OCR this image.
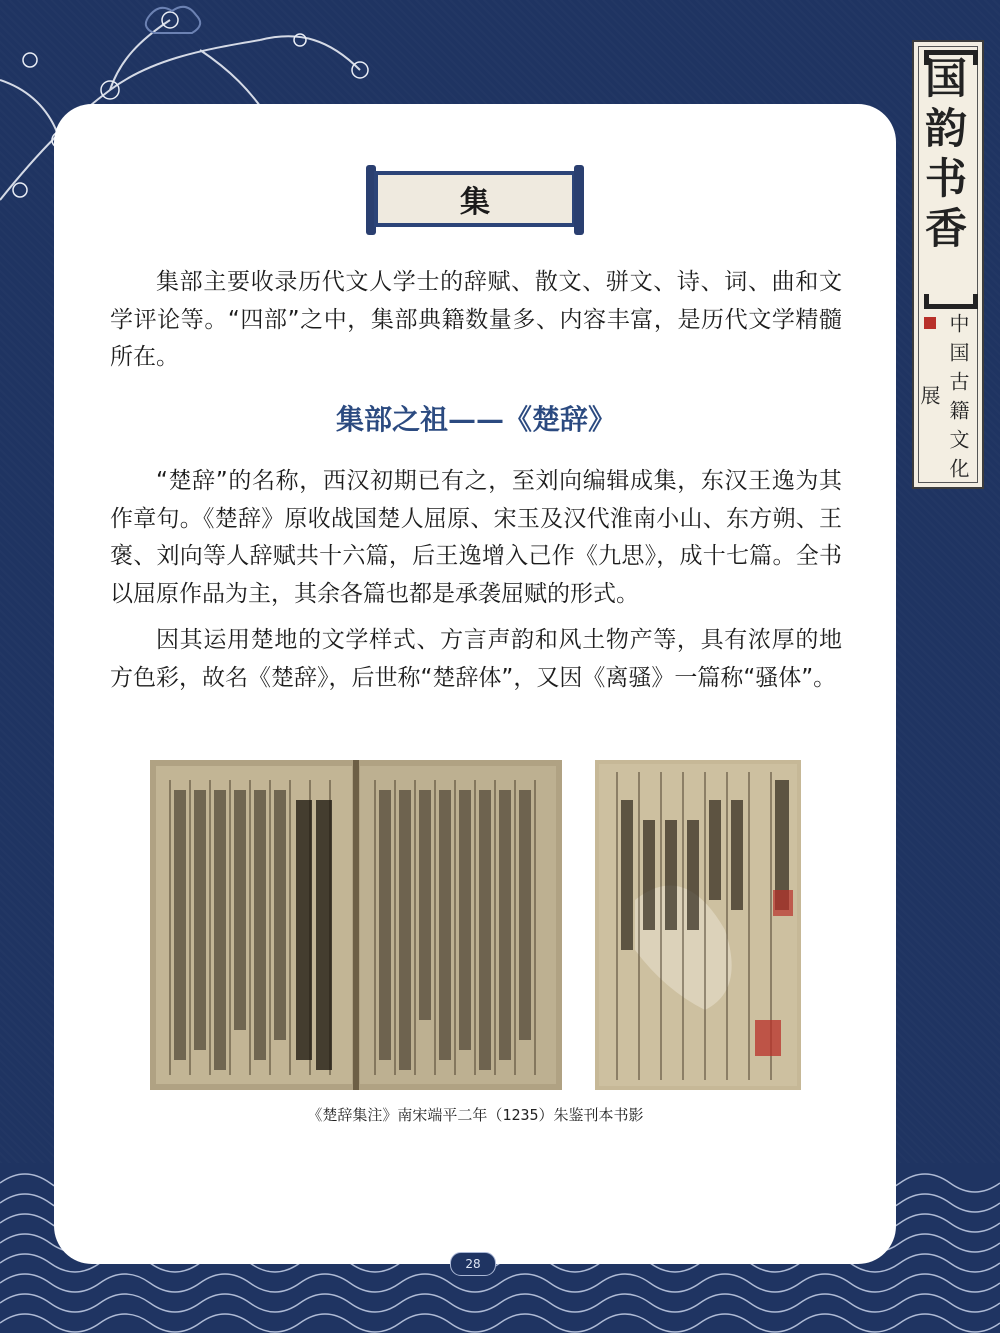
国
韵
书
香
中国古籍文化展
集

集部主要收录历代文人学士的辞赋、散文、骈文、诗、词、曲和文学评论等。“四部”之中，集部典籍数量多、内容丰富，是历代文学精髓所在。

集部之祖——《楚辞》

“楚辞”的名称，西汉初期已有之，至刘向编辑成集，东汉王逸为其作章句。《楚辞》原收战国楚人屈原、宋玉及汉代淮南小山、东方朔、王褒、刘向等人辞赋共十六篇，后王逸增入己作《九思》，成十七篇。全书以屈原作品为主，其余各篇也都是承袭屈赋的形式。

因其运用楚地的文学样式、方言声韵和风土物产等，具有浓厚的地方色彩，故名《楚辞》，后世称“楚辞体”，又因《离骚》一篇称“骚体”。

《楚辞集注》南宋端平二年（1235）朱鉴刊本书影
28
